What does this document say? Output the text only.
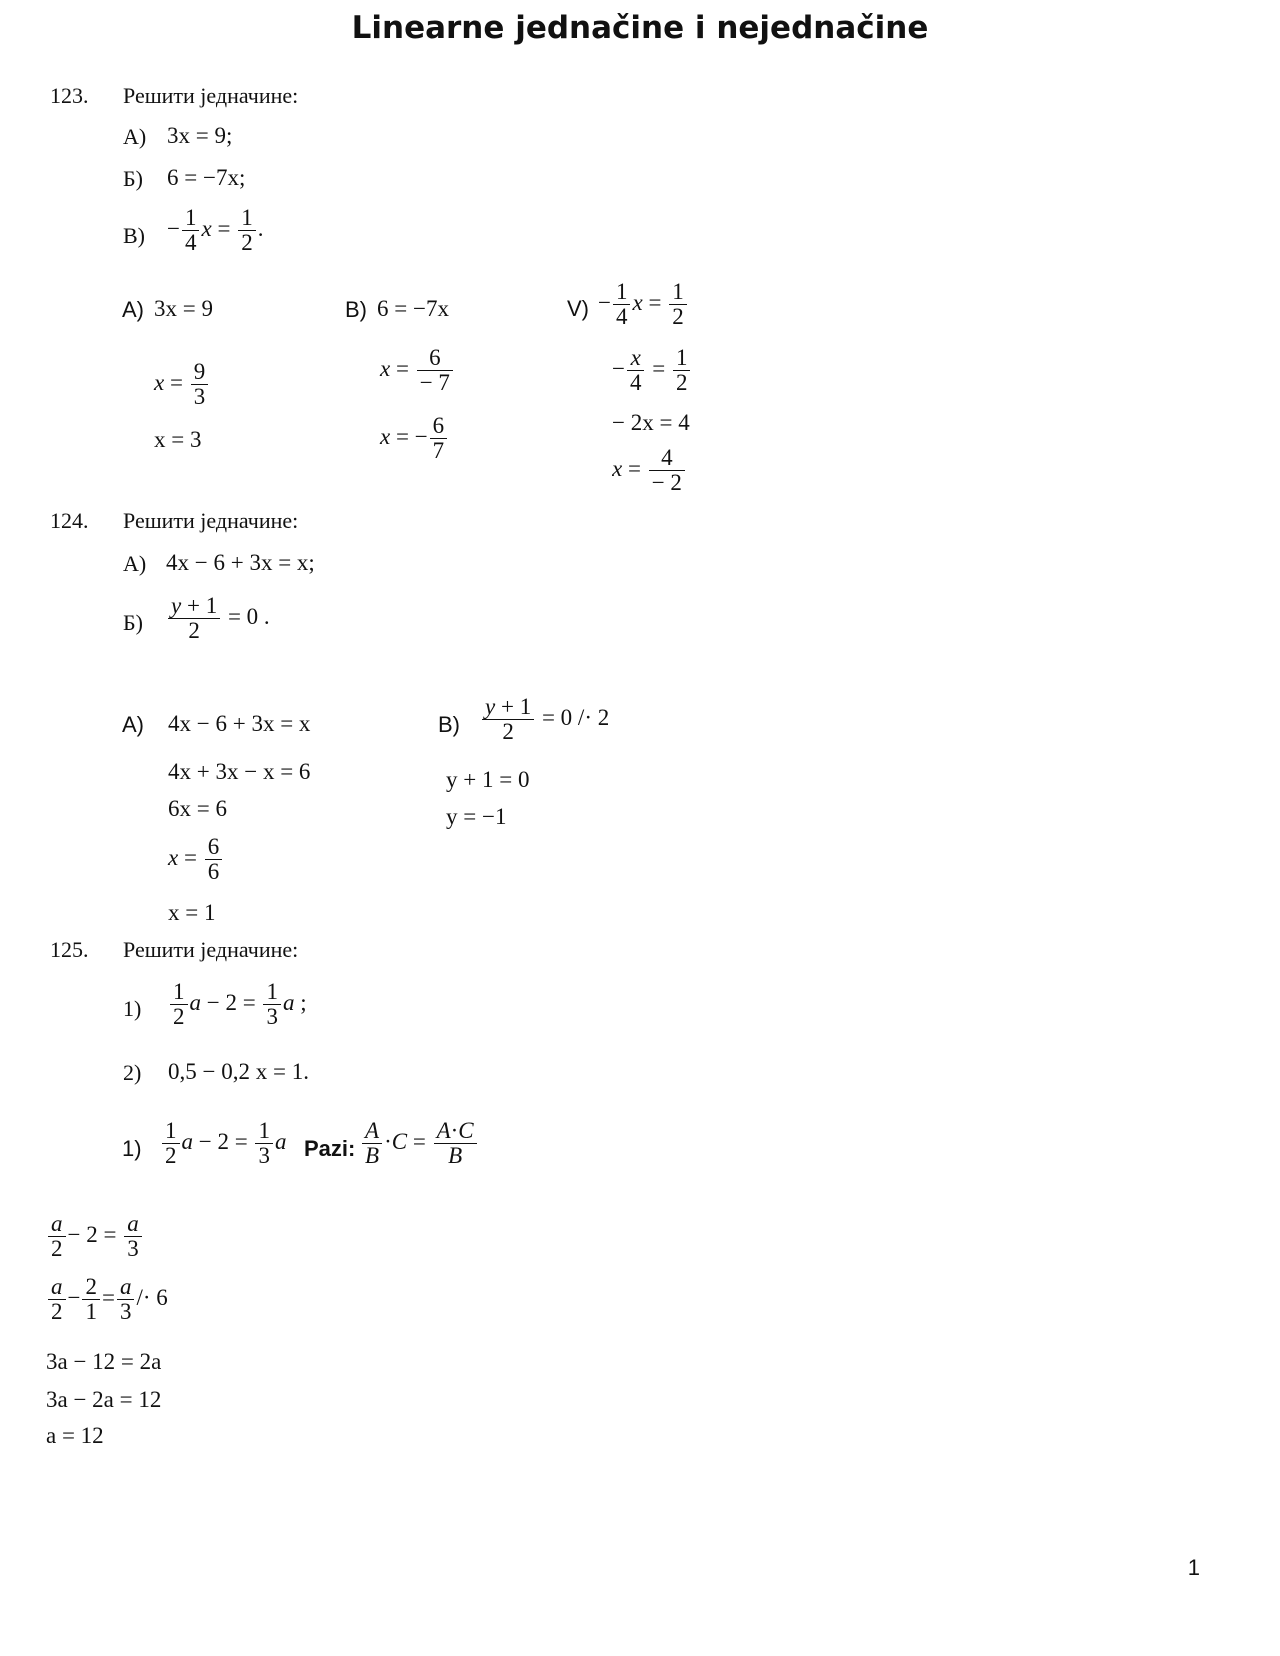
Linearne jednačine i nejednačine
123. Решити једначине:
А) 3x = 9;
Б) 6 = −7x;
$В) - \frac{1}{4}$ $x = \frac{1}{2}$ .
A) 3x = 9
$x = \frac{9}{3}$
x = 3
B) 6 = −7x
$x = \frac{6}{- 7}$
x = − $\frac{6}{7}$
$V) - \frac{1}{4}$ $x = \frac{1}{2}$
− $\frac{x}{4} = \frac{1}{2}$
− 2x = 4
$x = \frac{4}{- 2}$
124. Решити једначине:
А) 4x − 6 + 3x = x;
$Б) \frac{y + 1}{2} = 0$ .
A) 4x − 6 + 3x = x
4x + 3x − x = 6
6x = 6
$x = \frac{6}{6}$
x = 1
$B) \frac{y + 1}{2} = 0 /\cdot 2$
y + 1 = 0
y = −1
125. Решити једначине:
$1) \frac{1}{2}$ $a - 2 = \frac{1}{3}$ a ;
2) 0,5 − 0,2 x = 1.
$1) \frac{1}{2}$ $a - 2 = \frac{1}{3}$ a Pazi: $\frac{A}{B} \cdot C = \frac{A\cdot C}{B}$
$\frac{a}{2} - 2 = \frac{a}{3}$
$\frac{a}{2} - \frac{2}{1} = \frac{a}{3} /\cdot 6$
3a − 12 = 2a
3a − 2a = 12
a = 12
1
